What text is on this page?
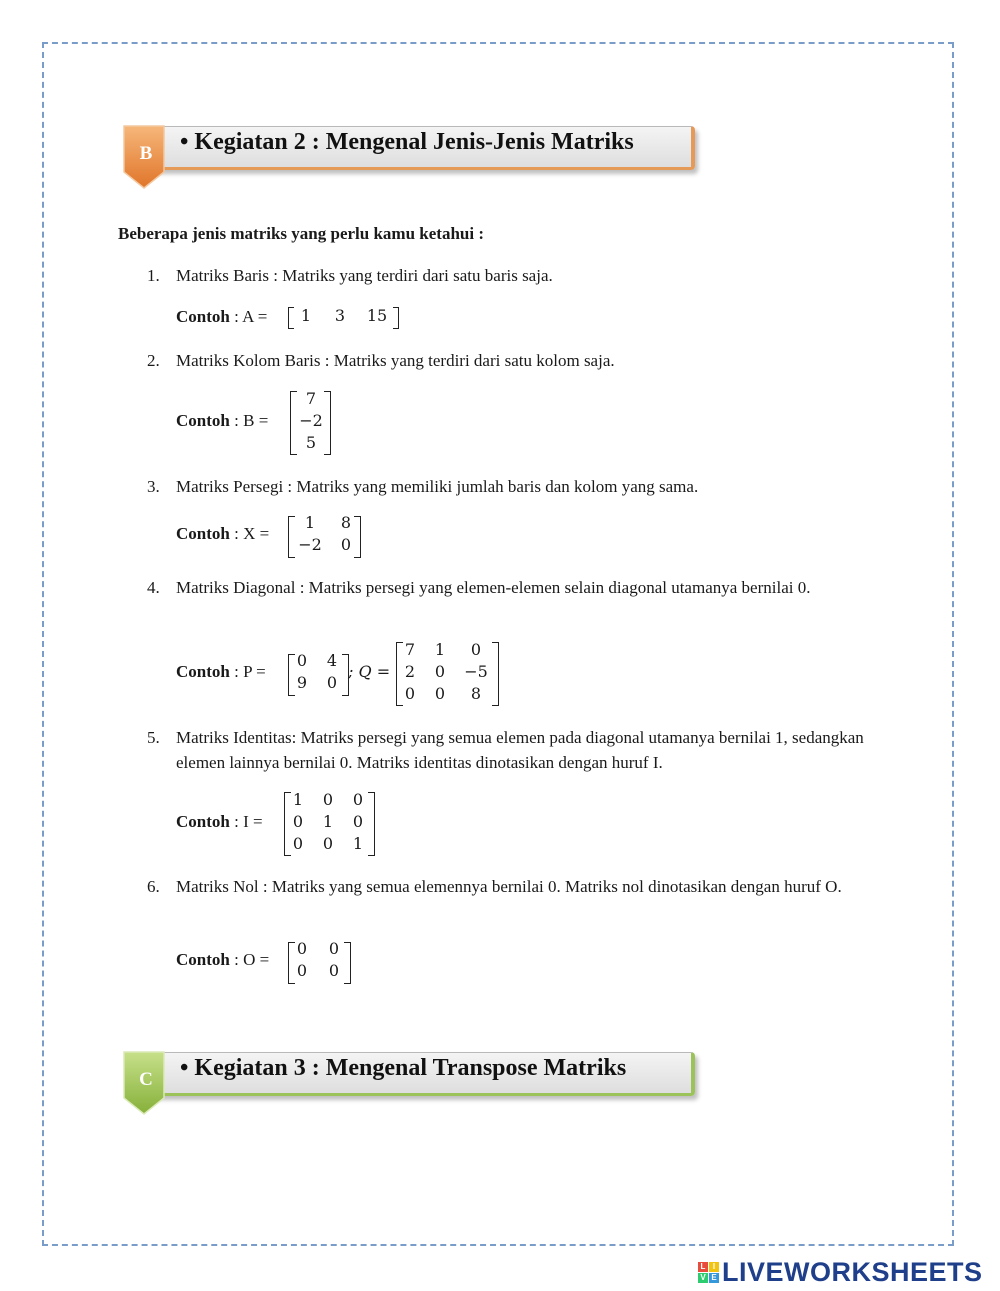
B • Kegiatan 2 : Mengenal Jenis-Jenis Matriks
Beberapa jenis matriks yang perlu kamu ketahui :
1. Matriks Baris : Matriks yang terdiri dari satu baris saja.
Contoh : A =	1	3	15
2. Matriks Kolom Baris : Matriks yang terdiri dari satu kolom saja.
Contoh : B =
7
−2
5
3. Matriks Persegi : Matriks yang memiliki jumlah baris dan kolom yang sama.
Contoh : X =
1	8
−2	0
4. Matriks Diagonal : Matriks persegi yang elemen-elemen selain diagonal utamanya bernilai 0.
Contoh : P =
0	4
9	0
; Q =
7	1	0
2	0	−5
0	0	8
5. Matriks Identitas: Matriks persegi yang semua elemen pada diagonal utamanya bernilai 1, sedangkan elemen lainnya bernilai 0. Matriks identitas dinotasikan dengan huruf I.
Contoh : I =
1	0	0
0	1	0
0	0	1
6. Matriks Nol : Matriks yang semua elemennya bernilai 0. Matriks nol dinotasikan dengan huruf O.
Contoh : O =
0	0
0	0
C • Kegiatan 3 : Mengenal Transpose Matriks
L I
V E LIVEWORKSHEETS
